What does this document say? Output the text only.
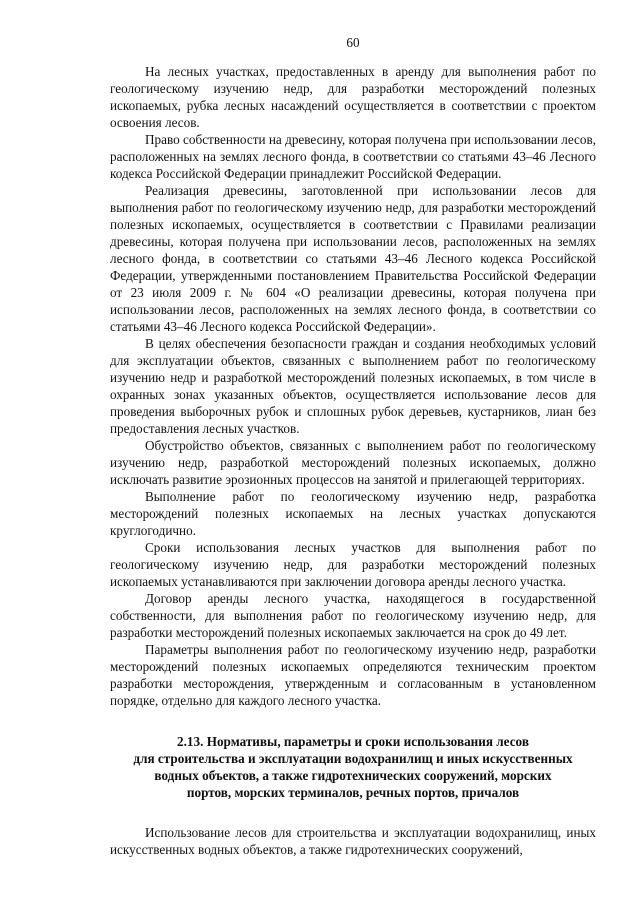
60

На лесных участках, предоставленных в аренду для выполнения работ по геологическому изучению недр, для разработки месторождений полезных ископаемых, рубка лесных насаждений осуществляется в соответствии с проектом освоения лесов.

Право собственности на древесину, которая получена при использовании лесов, расположенных на землях лесного фонда, в соответствии со статьями 43–46 Лесного кодекса Российской Федерации принадлежит Российской Федерации.

Реализация древесины, заготовленной при использовании лесов для выполнения работ по геологическому изучению недр, для разработки месторождений полезных ископаемых, осуществляется в соответствии с Правилами реализации древесины, которая получена при использовании лесов, расположенных на землях лесного фонда, в соответствии со статьями 43–46 Лесного кодекса Российской Федерации, утвержденными постановлением Правительства Российской Федерации от 23 июля 2009 г. № 604 «О реализации древесины, которая получена при использовании лесов, расположенных на землях лесного фонда, в соответствии со статьями 43–46 Лесного кодекса Российской Федерации».

В целях обеспечения безопасности граждан и создания необходимых условий для эксплуатации объектов, связанных с выполнением работ по геологическому изучению недр и разработкой месторождений полезных ископаемых, в том числе в охранных зонах указанных объектов, осуществляется использование лесов для проведения выборочных рубок и сплошных рубок деревьев, кустарников, лиан без предоставления лесных участков.

Обустройство объектов, связанных с выполнением работ по геологическому изучению недр, разработкой месторождений полезных ископаемых, должно исключать развитие эрозионных процессов на занятой и прилегающей территориях.

Выполнение работ по геологическому изучению недр, разработка месторождений полезных ископаемых на лесных участках допускаются круглогодично.

Сроки использования лесных участков для выполнения работ по геологическому изучению недр, для разработки месторождений полезных ископаемых устанавливаются при заключении договора аренды лесного участка.

Договор аренды лесного участка, находящегося в государственной собственности, для выполнения работ по геологическому изучению недр, для разработки месторождений полезных ископаемых заключается на срок до 49 лет.

Параметры выполнения работ по геологическому изучению недр, разработки месторождений полезных ископаемых определяются техническим проектом разработки месторождения, утвержденным и согласованным в установленном порядке, отдельно для каждого лесного участка.

2.13. Нормативы, параметры и сроки использования лесов
для строительства и эксплуатации водохранилищ и иных искусственных
водных объектов, а также гидротехнических сооружений, морских
портов, морских терминалов, речных портов, причалов

Использование лесов для строительства и эксплуатации водохранилищ, иных искусственных водных объектов, а также гидротехнических сооружений,
